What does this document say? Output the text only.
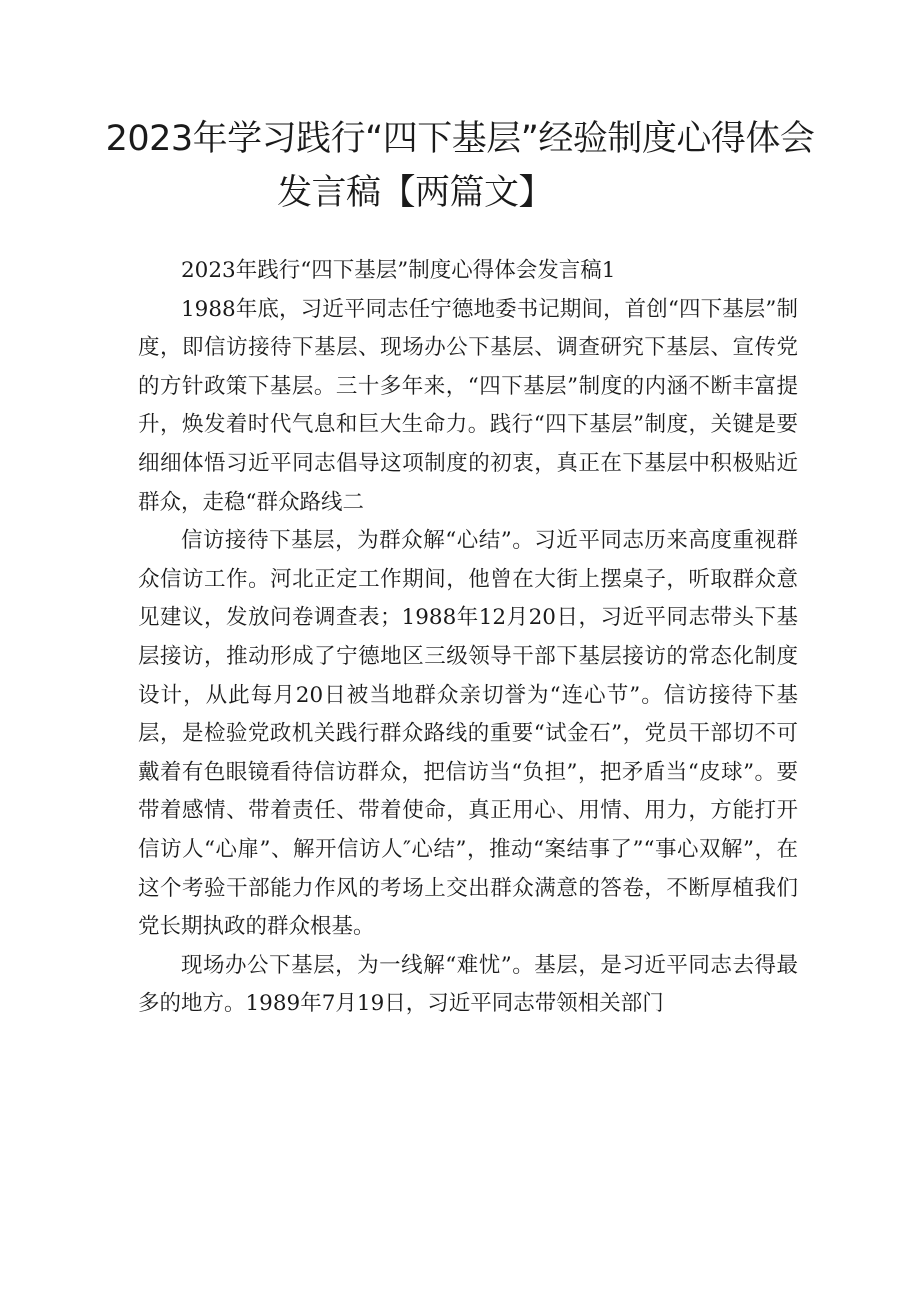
2023年学习践行“四下基层”经验制度心得体会
发言稿【两篇文】

2023年践行“四下基层”制度心得体会发言稿1

1988年底，习近平同志任宁德地委书记期间，首创“四下基层”制度，即信访接待下基层、现场办公下基层、调查研究下基层、宣传党的方针政策下基层。三十多年来，“四下基层”制度的内涵不断丰富提升，焕发着时代气息和巨大生命力。践行“四下基层”制度，关键是要细细体悟习近平同志倡导这项制度的初衷，真正在下基层中积极贴近群众，走稳“群众路线二

信访接待下基层，为群众解“心结”。习近平同志历来高度重视群众信访工作。河北正定工作期间，他曾在大街上摆桌子，听取群众意见建议，发放问卷调查表；1988年12月20日，习近平同志带头下基层接访，推动形成了宁德地区三级领导干部下基层接访的常态化制度设计，从此每月20日被当地群众亲切誉为“连心节”。信访接待下基层，是检验党政机关践行群众路线的重要“试金石”，党员干部切不可戴着有色眼镜看待信访群众，把信访当“负担”，把矛盾当“皮球”。要带着感情、带着责任、带着使命，真正用心、用情、用力，方能打开信访人“心扉”、解开信访人″心结”，推动“案结事了”“事心双解”，在这个考验干部能力作风的考场上交出群众满意的答卷，不断厚植我们党长期执政的群众根基。

现场办公下基层，为一线解“难忧”。基层，是习近平同志去得最多的地方。1989年7月19日，习近平同志带领相关部门
